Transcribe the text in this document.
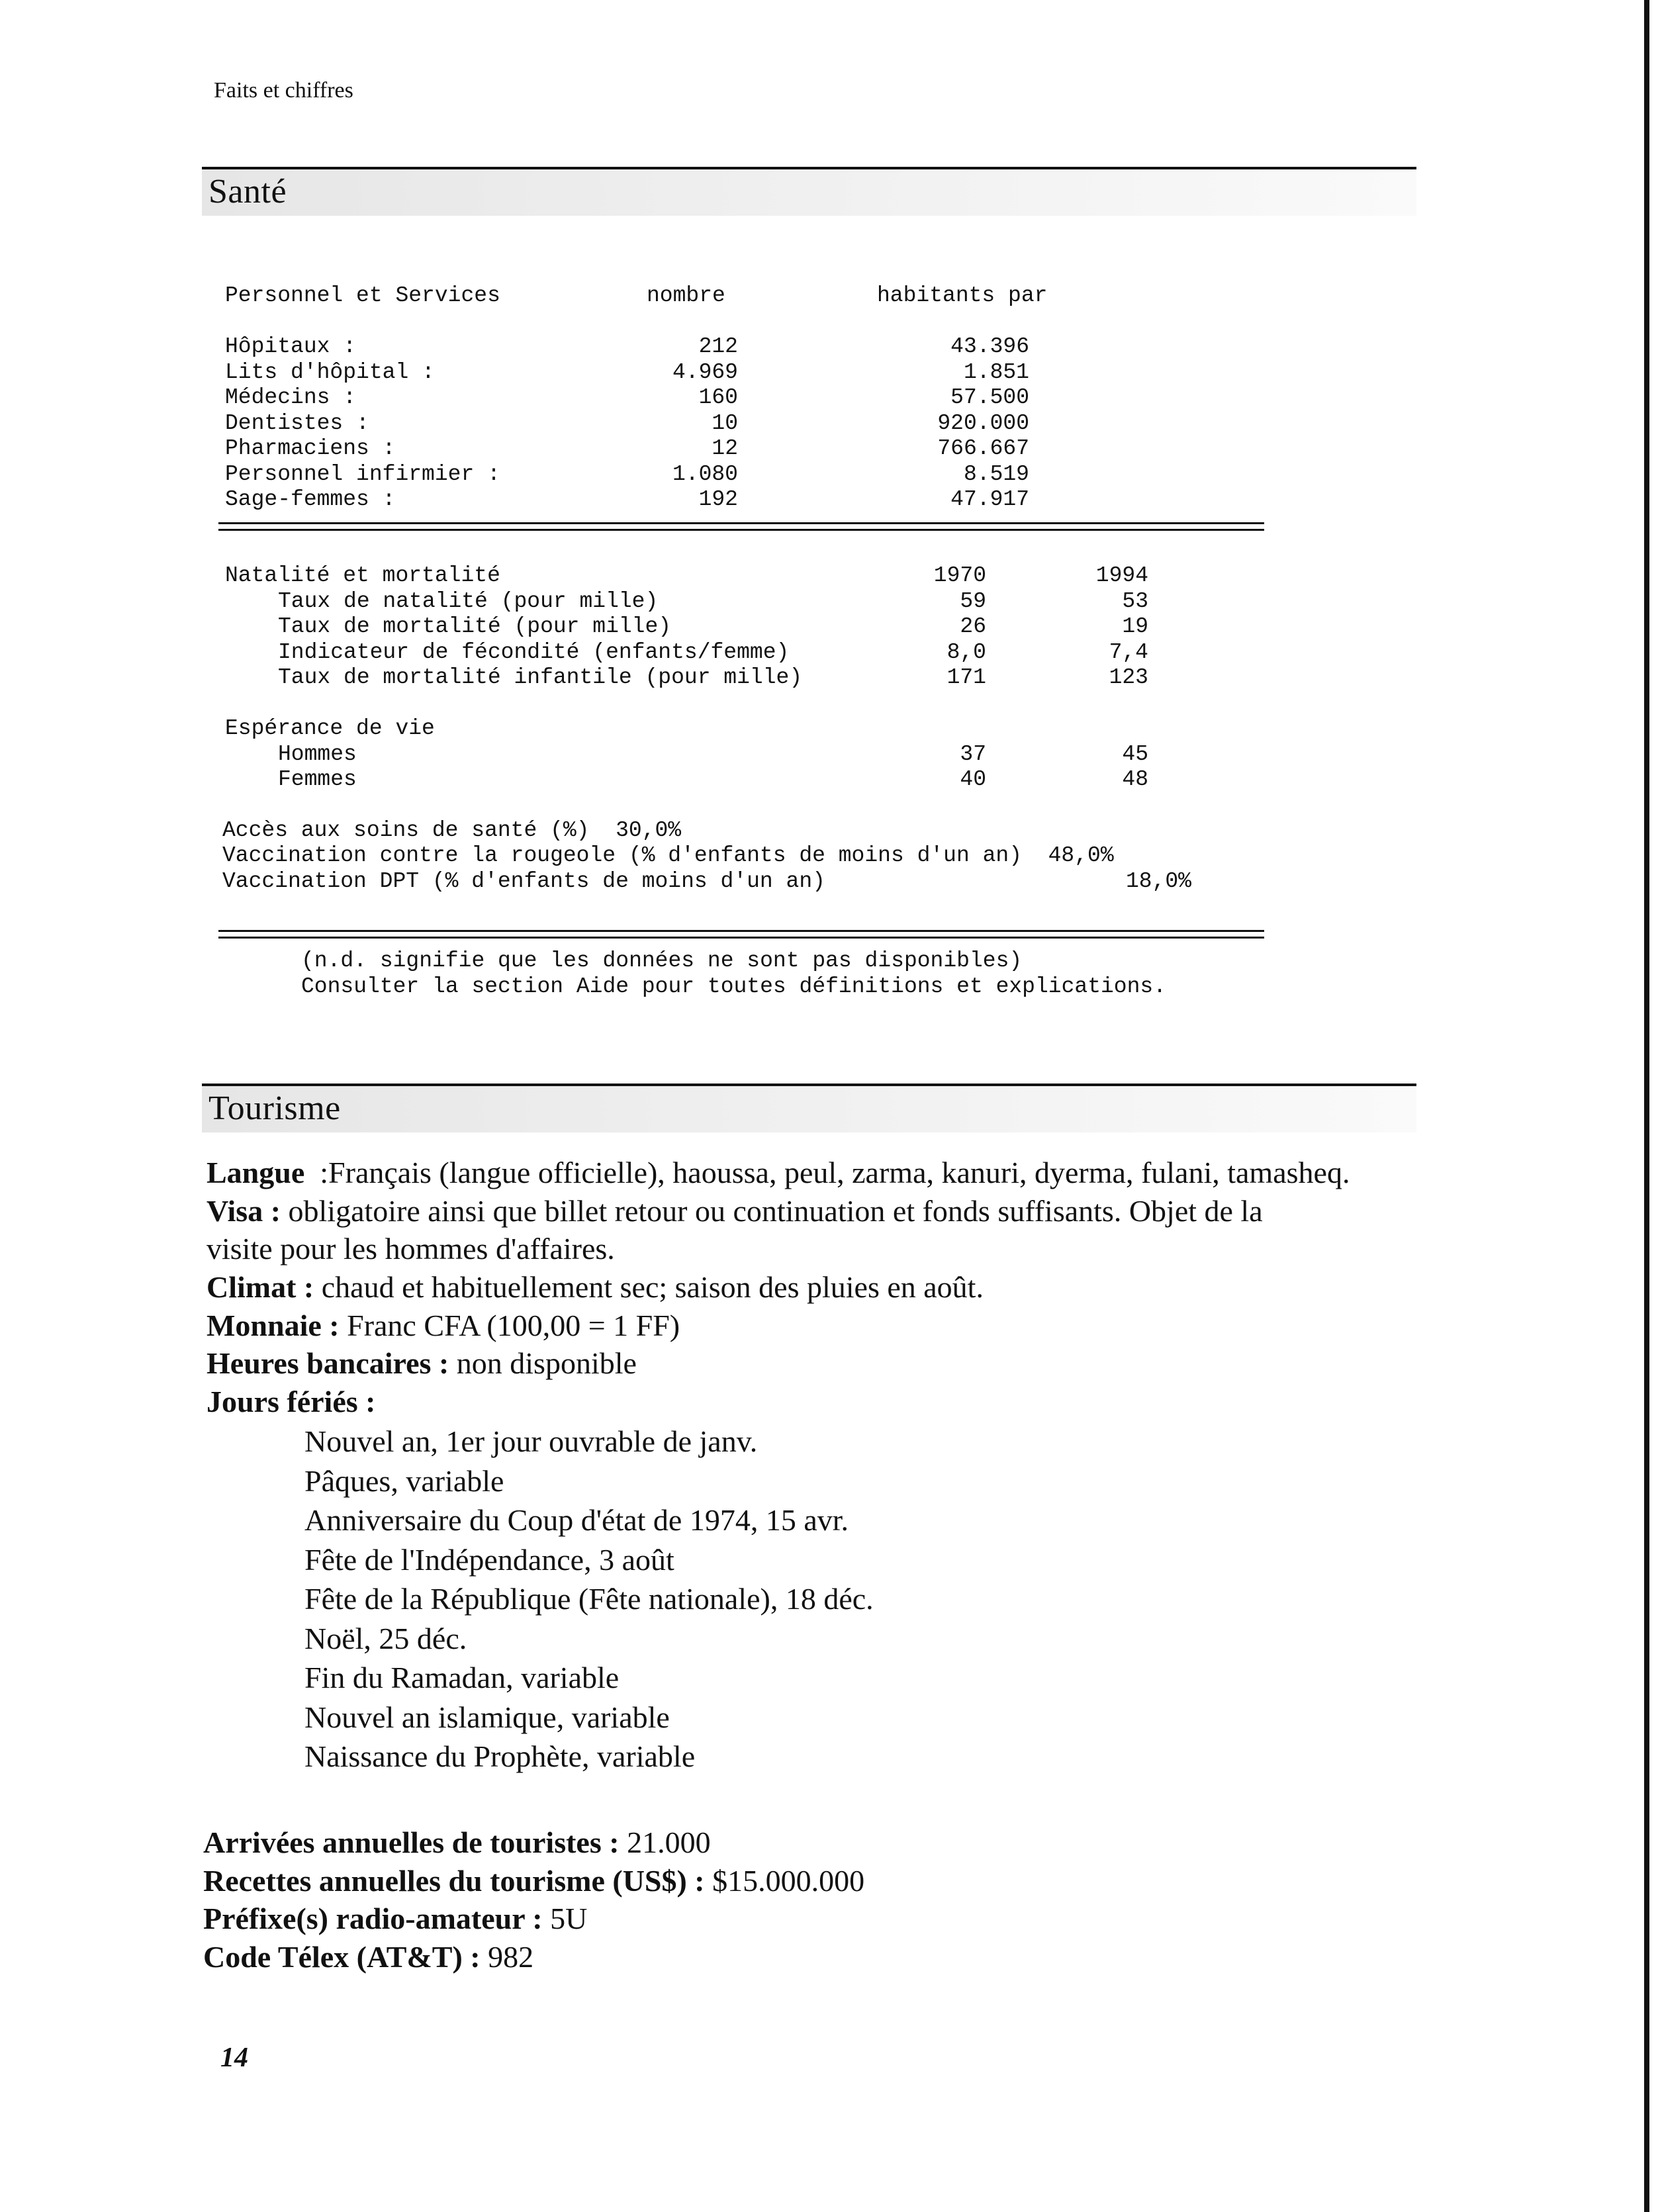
Faits et chiffres
Santé
Personnel et Services	nombre	habitants par
Hôpitaux :	212	43.396
Lits d'hôpital :	4.969	1.851
Médecins :	160	57.500
Dentistes :	10	920.000
Pharmaciens :	12	766.667
Personnel infirmier :	1.080	8.519
Sage-femmes :	192	47.917
Natalité et mortalité	1970	1994
Taux de natalité (pour mille)	59	53
Taux de mortalité (pour mille)	26	19
Indicateur de fécondité (enfants/femme)	8,0	7,4
Taux de mortalité infantile (pour mille)	171	123
Espérance de vie
Hommes	37	45
Femmes	40	48
Accès aux soins de santé (%)  30,0%
Vaccination contre la rougeole (% d'enfants de moins d'un an)  48,0%
Vaccination DPT (% d'enfants de moins d'un an)	18,0%
(n.d. signifie que les données ne sont pas disponibles)
Consulter la section Aide pour toutes définitions et explications.
Tourisme
Langue :Français (langue officielle), haoussa, peul, zarma, kanuri, dyerma, fulani, tamasheq.
Visa : obligatoire ainsi que billet retour ou continuation et fonds suffisants. Objet de la
visite pour les hommes d'affaires.
Climat : chaud et habituellement sec; saison des pluies en août.
Monnaie : Franc CFA (100,00 = 1 FF)
Heures bancaires : non disponible
Jours fériés :
Nouvel an, 1er jour ouvrable de janv.
Pâques, variable
Anniversaire du Coup d'état de 1974, 15 avr.
Fête de l'Indépendance, 3 août
Fête de la République (Fête nationale), 18 déc.
Noël, 25 déc.
Fin du Ramadan, variable
Nouvel an islamique, variable
Naissance du Prophète, variable
Arrivées annuelles de touristes : 21.000
Recettes annuelles du tourisme (US$) : $15.000.000
Préfixe(s) radio-amateur : 5U
Code Télex (AT&T) : 982
14
